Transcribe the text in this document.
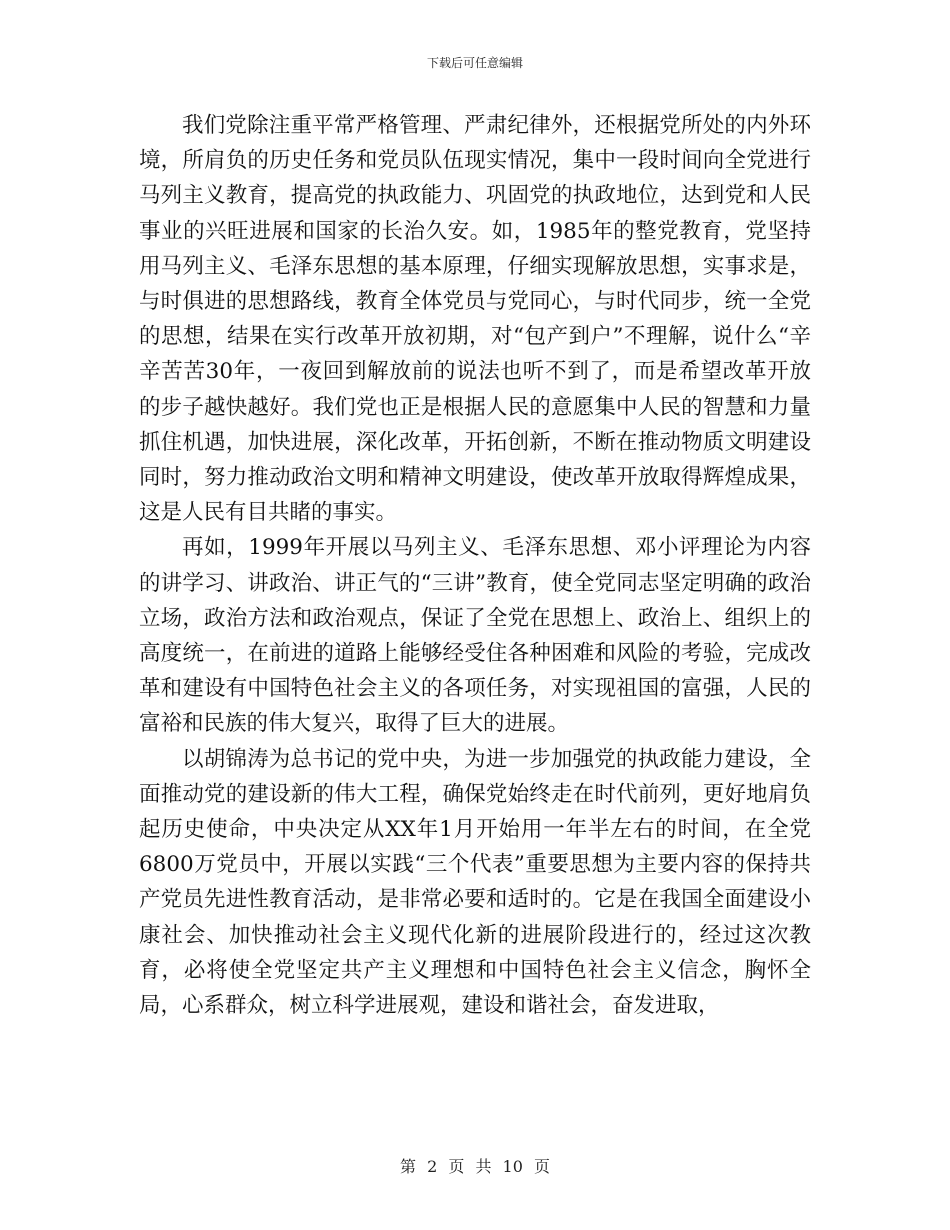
下载后可任意编辑

我们党除注重平常严格管理、严肃纪律外，还根据党所处的内外环境，所肩负的历史任务和党员队伍现实情况，集中一段时间向全党进行马列主义教育，提高党的执政能力、巩固党的执政地位，达到党和人民事业的兴旺进展和国家的长治久安。如，1985年的整党教育，党坚持用马列主义、毛泽东思想的基本原理，仔细实现解放思想，实事求是，与时俱进的思想路线，教育全体党员与党同心，与时代同步，统一全党的思想，结果在实行改革开放初期，对“包产到户”不理解，说什么“辛辛苦苦30年，一夜回到解放前的说法也听不到了，而是希望改革开放的步子越快越好。我们党也正是根据人民的意愿集中人民的智慧和力量抓住机遇，加快进展，深化改革，开拓创新，不断在推动物质文明建设同时，努力推动政治文明和精神文明建设，使改革开放取得辉煌成果，这是人民有目共睹的事实。

再如，1999年开展以马列主义、毛泽东思想、邓小评理论为内容的讲学习、讲政治、讲正气的“三讲”教育，使全党同志坚定明确的政治立场，政治方法和政治观点，保证了全党在思想上、政治上、组织上的高度统一，在前进的道路上能够经受住各种困难和风险的考验，完成改革和建设有中国特色社会主义的各项任务，对实现祖国的富强，人民的富裕和民族的伟大复兴，取得了巨大的进展。

以胡锦涛为总书记的党中央，为进一步加强党的执政能力建设，全面推动党的建设新的伟大工程，确保党始终走在时代前列，更好地肩负起历史使命，中央决定从XX年1月开始用一年半左右的时间，在全党6800万党员中，开展以实践“三个代表”重要思想为主要内容的保持共产党员先进性教育活动，是非常必要和适时的。它是在我国全面建设小康社会、加快推动社会主义现代化新的进展阶段进行的，经过这次教育，必将使全党坚定共产主义理想和中国特色社会主义信念，胸怀全局，心系群众，树立科学进展观，建设和谐社会，奋发进取，

第 2 页 共 10 页
